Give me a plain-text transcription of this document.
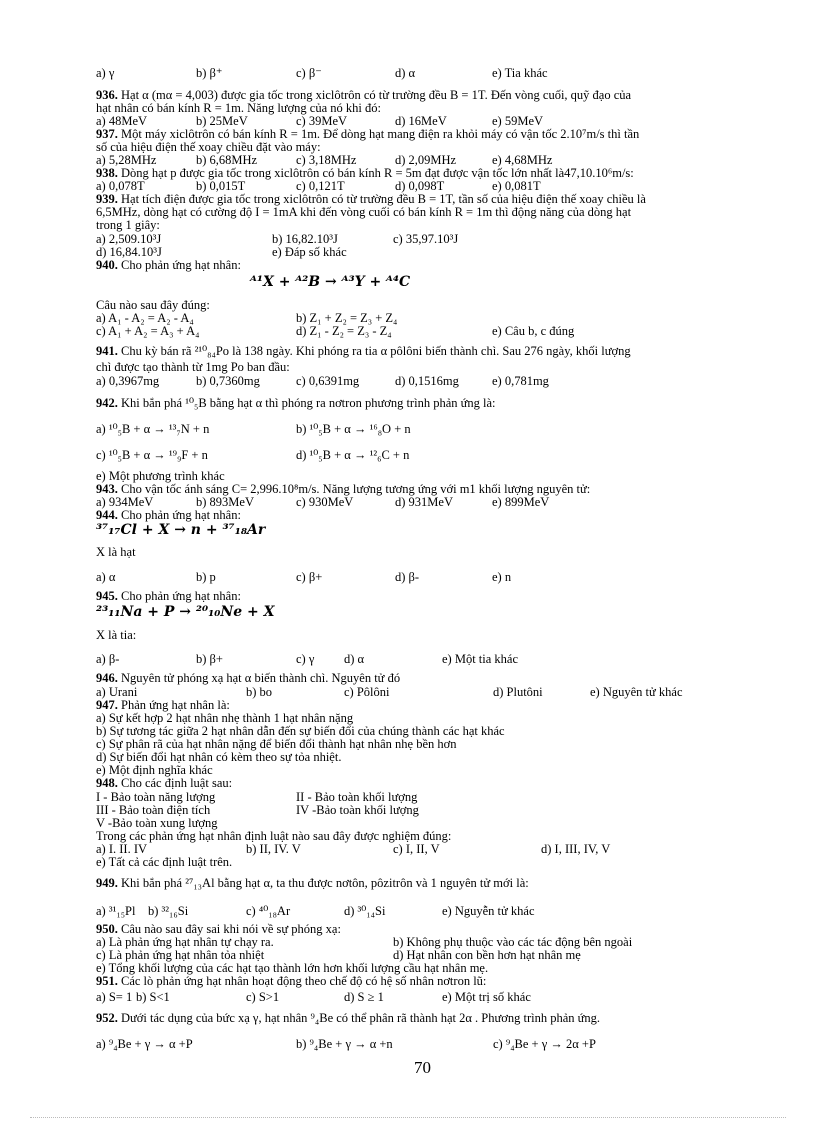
a) γ	b) β⁺	c) β⁻	d) α	e) Tia khác
936. Hạt α (mα = 4,003) được gia tốc trong xiclôtrôn có từ trường đều B = 1T. Đến vòng cuối, quỹ đạo của
hạt nhân có bán kính R = 1m. Năng lượng của nó khi đó:
a) 48MeV	b) 25MeV	c) 39MeV	d) 16MeV	e) 59MeV
937. Một máy xiclôtrôn có bán kính R = 1m. Để dòng hạt mang điện ra khỏi máy có vận tốc 2.10⁷m/s thì tần
số của hiệu điện thế xoay chiều đặt vào máy:
a) 5,28MHz	b) 6,68MHz	c) 3,18MHz	d) 2,09MHz	e) 4,68MHz
938. Dòng hạt p được gia tốc trong xiclôtrôn có bán kính R = 5m đạt được vận tốc lớn nhất là47,10.10⁶m/s:
a) 0,078T	b) 0,015T	c) 0,121T	d) 0,098T	e) 0,081T
939. Hạt tích điện được gia tốc trong xiclôtrôn có từ trường đều B = 1T, tần số của hiệu điện thế xoay chiều là
6,5MHz, dòng hạt có cường độ I = 1mA khi đến vòng cuối có bán kính R = 1m thì động năng của dòng hạt
trong 1 giây:
a) 2,509.10³J	b) 16,82.10³J	c) 35,97.10³J
d) 16,84.10³J	e) Đáp số khác
940. Cho phản ứng hạt nhân:
ᴬ¹X + ᴬ²B → ᴬ³Y + ᴬ⁴C
Câu nào sau đây đúng:
a) A₁ - A₂ = A₂ - A₄	b) Z₁ + Z₂ = Z₃ + Z₄
c) A₁ + A₂ = A₃ + A₄	d) Z₁ - Z₂ = Z₃ - Z₄	e) Câu b, c đúng
941. Chu kỳ bán rã ²¹⁰₈₄Po là 138 ngày. Khi phóng ra tia α pôlôni biến thành chì. Sau 276 ngày, khối lượng
chì được tạo thành từ 1mg Po ban đầu:
a) 0,3967mg	b) 0,7360mg	c) 0,6391mg	d) 0,1516mg	e) 0,781mg
942. Khi bắn phá ¹⁰₅B bằng hạt α thì phóng ra nơtron phương trình phản ứng là:
a) ¹⁰₅B + α → ¹³₇N + n	b) ¹⁰₅B + α → ¹⁶₈O + n
c) ¹⁰₅B + α → ¹⁹₉F + n	d) ¹⁰₅B + α → ¹²₆C + n
e) Một phương trình khác
943. Cho vận tốc ánh sáng C= 2,996.10⁸m/s. Năng lượng tương ứng với m1 khối lượng nguyên tử:
a) 934MeV	b) 893MeV	c) 930MeV	d) 931MeV	e) 899MeV
944. Cho phản ứng hạt nhân:
³⁷₁₇Cl + X → n + ³⁷₁₈Ar
X là hạt
a) α	b) p	c) β+	d) β-	e) n
945. Cho phản ứng hạt nhân:
²³₁₁Na + P → ²⁰₁₀Ne + X
X là tia:
a) β-	b) β+	c) γ d) α	e) Một tia khác
946. Nguyên tử phóng xạ hạt α biến thành chì. Nguyên tử đó
a) Urani	b) bo	c) Pôlôni	d) Plutôni	e) Nguyên tử khác
947. Phản ứng hạt nhân là:
a) Sự kết hợp 2 hạt nhân nhẹ thành 1 hạt nhân nặng
b) Sự tương tác giữa 2 hạt nhân dẫn đến sự biến đổi của chúng thành các hạt khác
c) Sự phân rã của hạt nhân nặng để biến đổi thành hạt nhân nhẹ bền hơn
d) Sự biến đổi hạt nhân có kèm theo sự tỏa nhiệt.
e) Một định nghĩa khác
948. Cho các định luật sau:
I - Bảo toàn năng lượng	II - Bảo toàn khối lượng
III - Bảo toàn điện tích	IV -Bảo toàn khối lượng
V -Bảo toàn xung lượng
Trong các phản ứng hạt nhân định luật nào sau đây được nghiệm đúng:
a) I. II. IV	b) II, IV. V	c) I, II, V	d) I, III, IV, V
e) Tất cả các định luật trên.
949. Khi bắn phá ²⁷₁₃Al bằng hạt α, ta thu được nơtôn, pôzitrôn và 1 nguyên tử mới là:
a) ³¹₁₅Pl b) ³²₁₆Si	c) ⁴⁰₁₈Ar	d) ³⁰₁₄Si	e) Nguyễn tử khác
950. Câu nào sau đây sai khi nói về sự phóng xạ:
a) Là phản ứng hạt nhân tự chạy ra.	b) Không phụ thuộc vào các tác động bên ngoài
c) Là phản ứng hạt nhân tỏa nhiệt	d) Hạt nhân con bền hơn hạt nhân mẹ
e) Tổng khối lượng của các hạt tạo thành lớn hơn khối lượng cầu hạt nhân mẹ.
951. Các lò phản ứng hạt nhân hoạt động theo chế độ có hệ số nhân nơtron lũ:
a) S= 1 b) S<1	c) S>1	d) S ≥ 1	e) Một trị số khác
952. Dưới tác dụng của bức xạ γ, hạt nhân ⁹₄Be có thể phân rã thành hạt 2α . Phương trình phản ứng.
a) ⁹₄Be + γ → α +P	b) ⁹₄Be + γ → α +n	c) ⁹₄Be + γ → 2α +P
70
